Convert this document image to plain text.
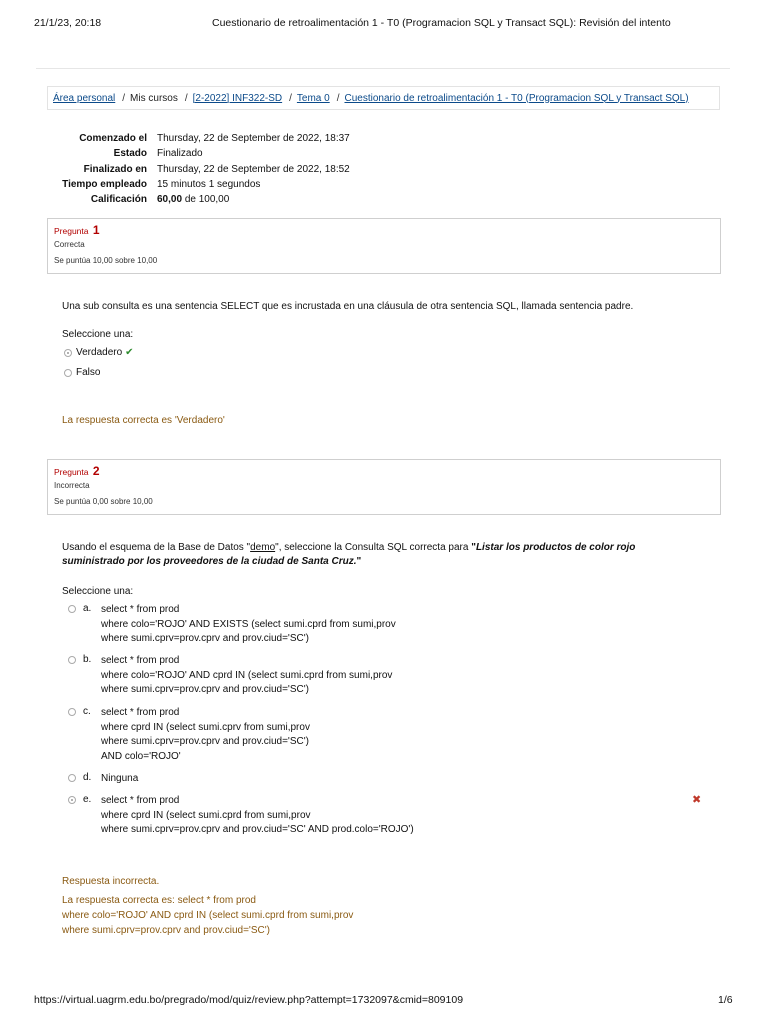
21/1/23, 20:18	Cuestionario de retroalimentación 1 - T0 (Programacion SQL y Transact SQL): Revisión del intento
Área personal / Mis cursos / [2-2022] INF322-SD / Tema 0 / Cuestionario de retroalimentación 1 - T0 (Programacion SQL y Transact SQL)
Comenzado el	Thursday, 22 de September de 2022, 18:37
Estado	Finalizado
Finalizado en	Thursday, 22 de September de 2022, 18:52
Tiempo empleado	15 minutos 1 segundos
Calificación	60,00 de 100,00
Pregunta 1
Correcta
Se puntúa 10,00 sobre 10,00
Una sub consulta es una sentencia SELECT que es incrustada en una cláusula de otra sentencia SQL, llamada sentencia padre.
Seleccione una:
Verdadero ✔
Falso
La respuesta correcta es 'Verdadero'
Pregunta 2
Incorrecta
Se puntúa 0,00 sobre 10,00
Usando el esquema de la Base de Datos "demo", seleccione la Consulta SQL correcta para "Listar los productos de color rojo suministrado por los proveedores de la ciudad de Santa Cruz."
Seleccione una:
a. select * from prod
where colo='ROJO' AND EXISTS (select sumi.cprd from sumi,prov
where sumi.cprv=prov.cprv and prov.ciud='SC')
b. select * from prod
where colo='ROJO' AND cprd IN (select sumi.cprd from sumi,prov
where sumi.cprv=prov.cprv and prov.ciud='SC')
c. select * from prod
where cprd IN (select sumi.cprv from sumi,prov
where sumi.cprv=prov.cprv and prov.ciud='SC')
AND colo='ROJO'
d. Ninguna
e. select * from prod
where cprd IN (select sumi.cprd from sumi,prov
where sumi.cprv=prov.cprv and prov.ciud='SC' AND prod.colo='ROJO')
✖
Respuesta incorrecta.
La respuesta correcta es: select * from prod
where colo='ROJO' AND cprd IN (select sumi.cprd from sumi,prov
where sumi.cprv=prov.cprv and prov.ciud='SC')
https://virtual.uagrm.edu.bo/pregrado/mod/quiz/review.php?attempt=1732097&cmid=809109	1/6
